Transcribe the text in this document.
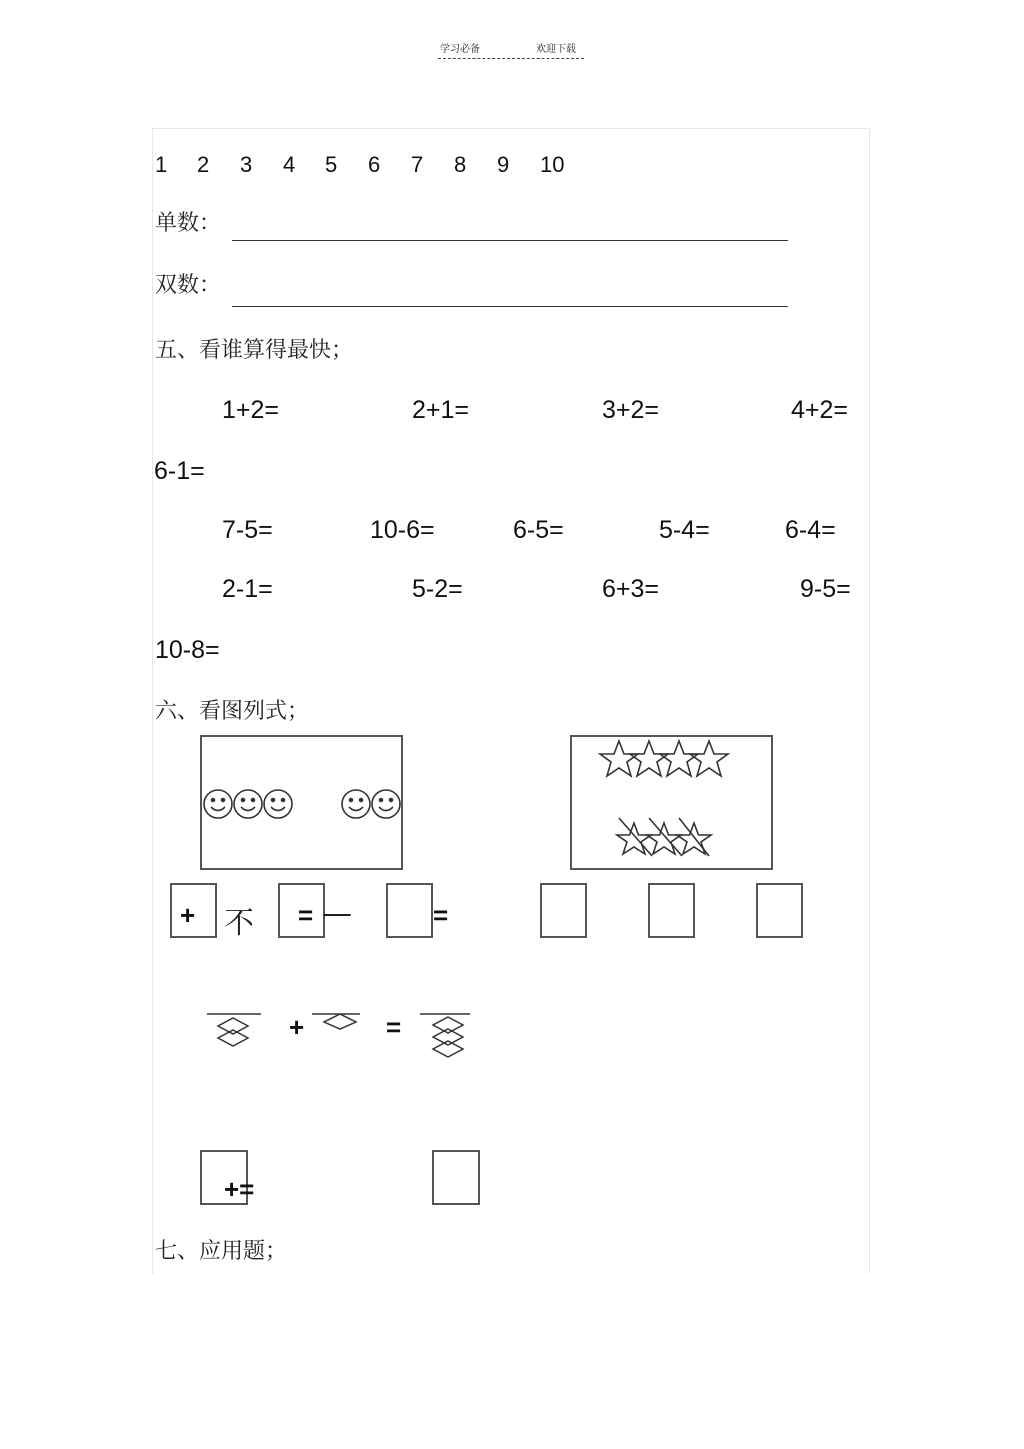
学习必备	欢迎下载
1 2 3 4 5 6 7 8 9 10
单数：
双数：
五、看谁算得最快；
1+2=	2+1=	3+2=	4+2=
6-1=
7-5=	10-6=	6-5=	5-4=	6-4=
2-1=	5-2=	6+3=	9-5=
10-8=
六、看图列式；
+ 不 = —	=
+	=
+=
七、应用题；
